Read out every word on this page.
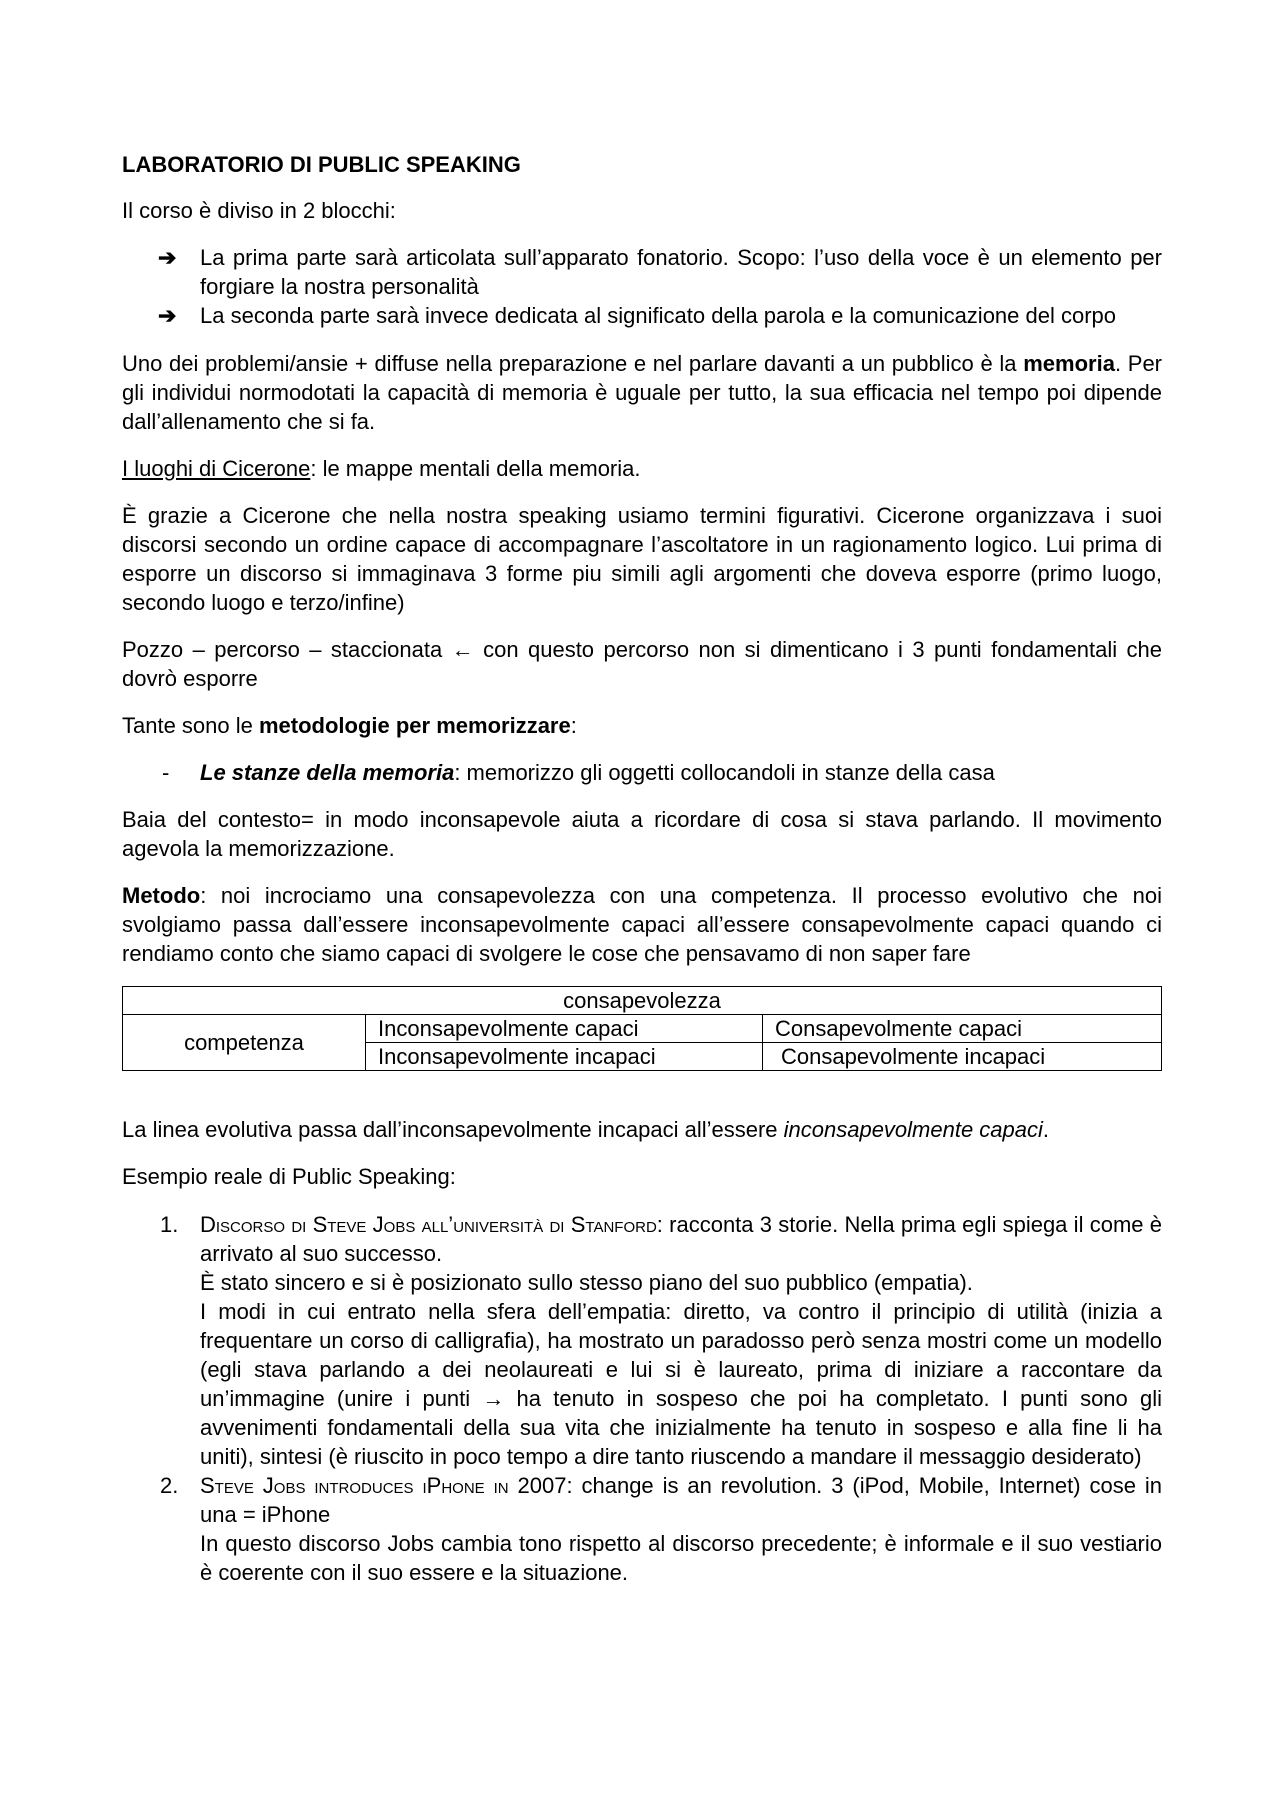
LABORATORIO DI PUBLIC SPEAKING

Il corso è diviso in 2 blocchi:

➔ La prima parte sarà articolata sull’apparato fonatorio. Scopo: l’uso della voce è un elemento per forgiare la nostra personalità
➔ La seconda parte sarà invece dedicata al significato della parola e la comunicazione del corpo

Uno dei problemi/ansie + diffuse nella preparazione e nel parlare davanti a un pubblico è la memoria. Per gli individui normodotati la capacità di memoria è uguale per tutto, la sua efficacia nel tempo poi dipende dall’allenamento che si fa.

I luoghi di Cicerone: le mappe mentali della memoria.

È grazie a Cicerone che nella nostra speaking usiamo termini figurativi. Cicerone organizzava i suoi discorsi secondo un ordine capace di accompagnare l’ascoltatore in un ragionamento logico. Lui prima di esporre un discorso si immaginava 3 forme piu simili agli argomenti che doveva esporre (primo luogo, secondo luogo e terzo/infine)

Pozzo – percorso – staccionata ← con questo percorso non si dimenticano i 3 punti fondamentali che dovrò esporre

Tante sono le metodologie per memorizzare:

- Le stanze della memoria: memorizzo gli oggetti collocandoli in stanze della casa

Baia del contesto= in modo inconsapevole aiuta a ricordare di cosa si stava parlando. Il movimento agevola la memorizzazione.

Metodo: noi incrociamo una consapevolezza con una competenza. Il processo evolutivo che noi svolgiamo passa dall’essere inconsapevolmente capaci all’essere consapevolmente capaci quando ci rendiamo conto che siamo capaci di svolgere le cose che pensavamo di non saper fare

consapevolezza		
competenza	Inconsapevolmente capaci	Consapevolmente capaci
	Inconsapevolmente incapaci	Consapevolmente incapaci

La linea evolutiva passa dall’inconsapevolmente incapaci all’essere inconsapevolmente capaci.

Esempio reale di Public Speaking:

1. Discorso di Steve Jobs all’università di Stanford: racconta 3 storie. Nella prima egli spiega il come è arrivato al suo successo.
È stato sincero e si è posizionato sullo stesso piano del suo pubblico (empatia).
I modi in cui entrato nella sfera dell’empatia: diretto, va contro il principio di utilità (inizia a frequentare un corso di calligrafia), ha mostrato un paradosso però senza mostri come un modello (egli stava parlando a dei neolaureati e lui si è laureato, prima di iniziare a raccontare da un’immagine (unire i punti → ha tenuto in sospeso che poi ha completato. I punti sono gli avvenimenti fondamentali della sua vita che inizialmente ha tenuto in sospeso e alla fine li ha uniti), sintesi (è riuscito in poco tempo a dire tanto riuscendo a mandare il messaggio desiderato)
2. Steve Jobs introduces iPhone in 2007: change is an revolution. 3 (iPod, Mobile, Internet) cose in una = iPhone
In questo discorso Jobs cambia tono rispetto al discorso precedente; è informale e il suo vestiario è coerente con il suo essere e la situazione.
